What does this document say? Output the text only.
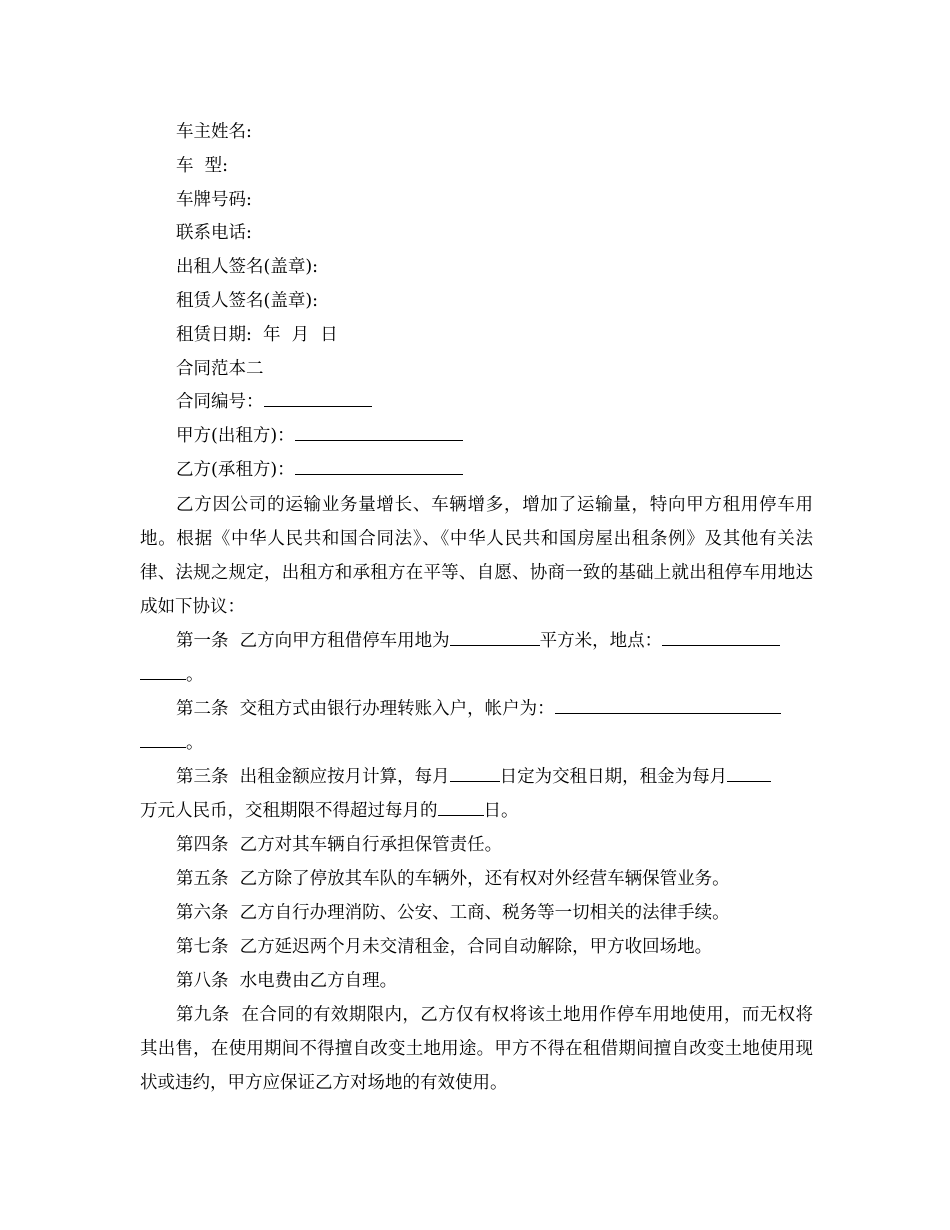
车主姓名:
车  型:
车牌号码:
联系电话:
出租人签名(盖章):
租赁人签名(盖章):
租赁日期:  年  月  日
合同范本二
合同编号：
甲方(出租方)：
乙方(承租方)：

乙方因公司的运输业务量增长、车辆增多，增加了运输量，特向甲方租用停车用地。根据《中华人民共和国合同法》、《中华人民共和国房屋出租条例》及其他有关法律、法规之规定，出租方和承租方在平等、自愿、协商一致的基础上就出租停车用地达成如下协议：

第一条 乙方向甲方租借停车用地为	平方米，地点：
。

第二条 交租方式由银行办理转账入户，帐户为：
。

第三条 出租金额应按月计算，每月	日定为交租日期，租金为每月
万元人民币，交租期限不得超过每月的	日。

第四条 乙方对其车辆自行承担保管责任。

第五条 乙方除了停放其车队的车辆外，还有权对外经营车辆保管业务。

第六条 乙方自行办理消防、公安、工商、税务等一切相关的法律手续。

第七条 乙方延迟两个月未交清租金，合同自动解除，甲方收回场地。

第八条 水电费由乙方自理。

第九条 在合同的有效期限内，乙方仅有权将该土地用作停车用地使用，而无权将其出售，在使用期间不得擅自改变土地用途。甲方不得在租借期间擅自改变土地使用现状或违约，甲方应保证乙方对场地的有效使用。
